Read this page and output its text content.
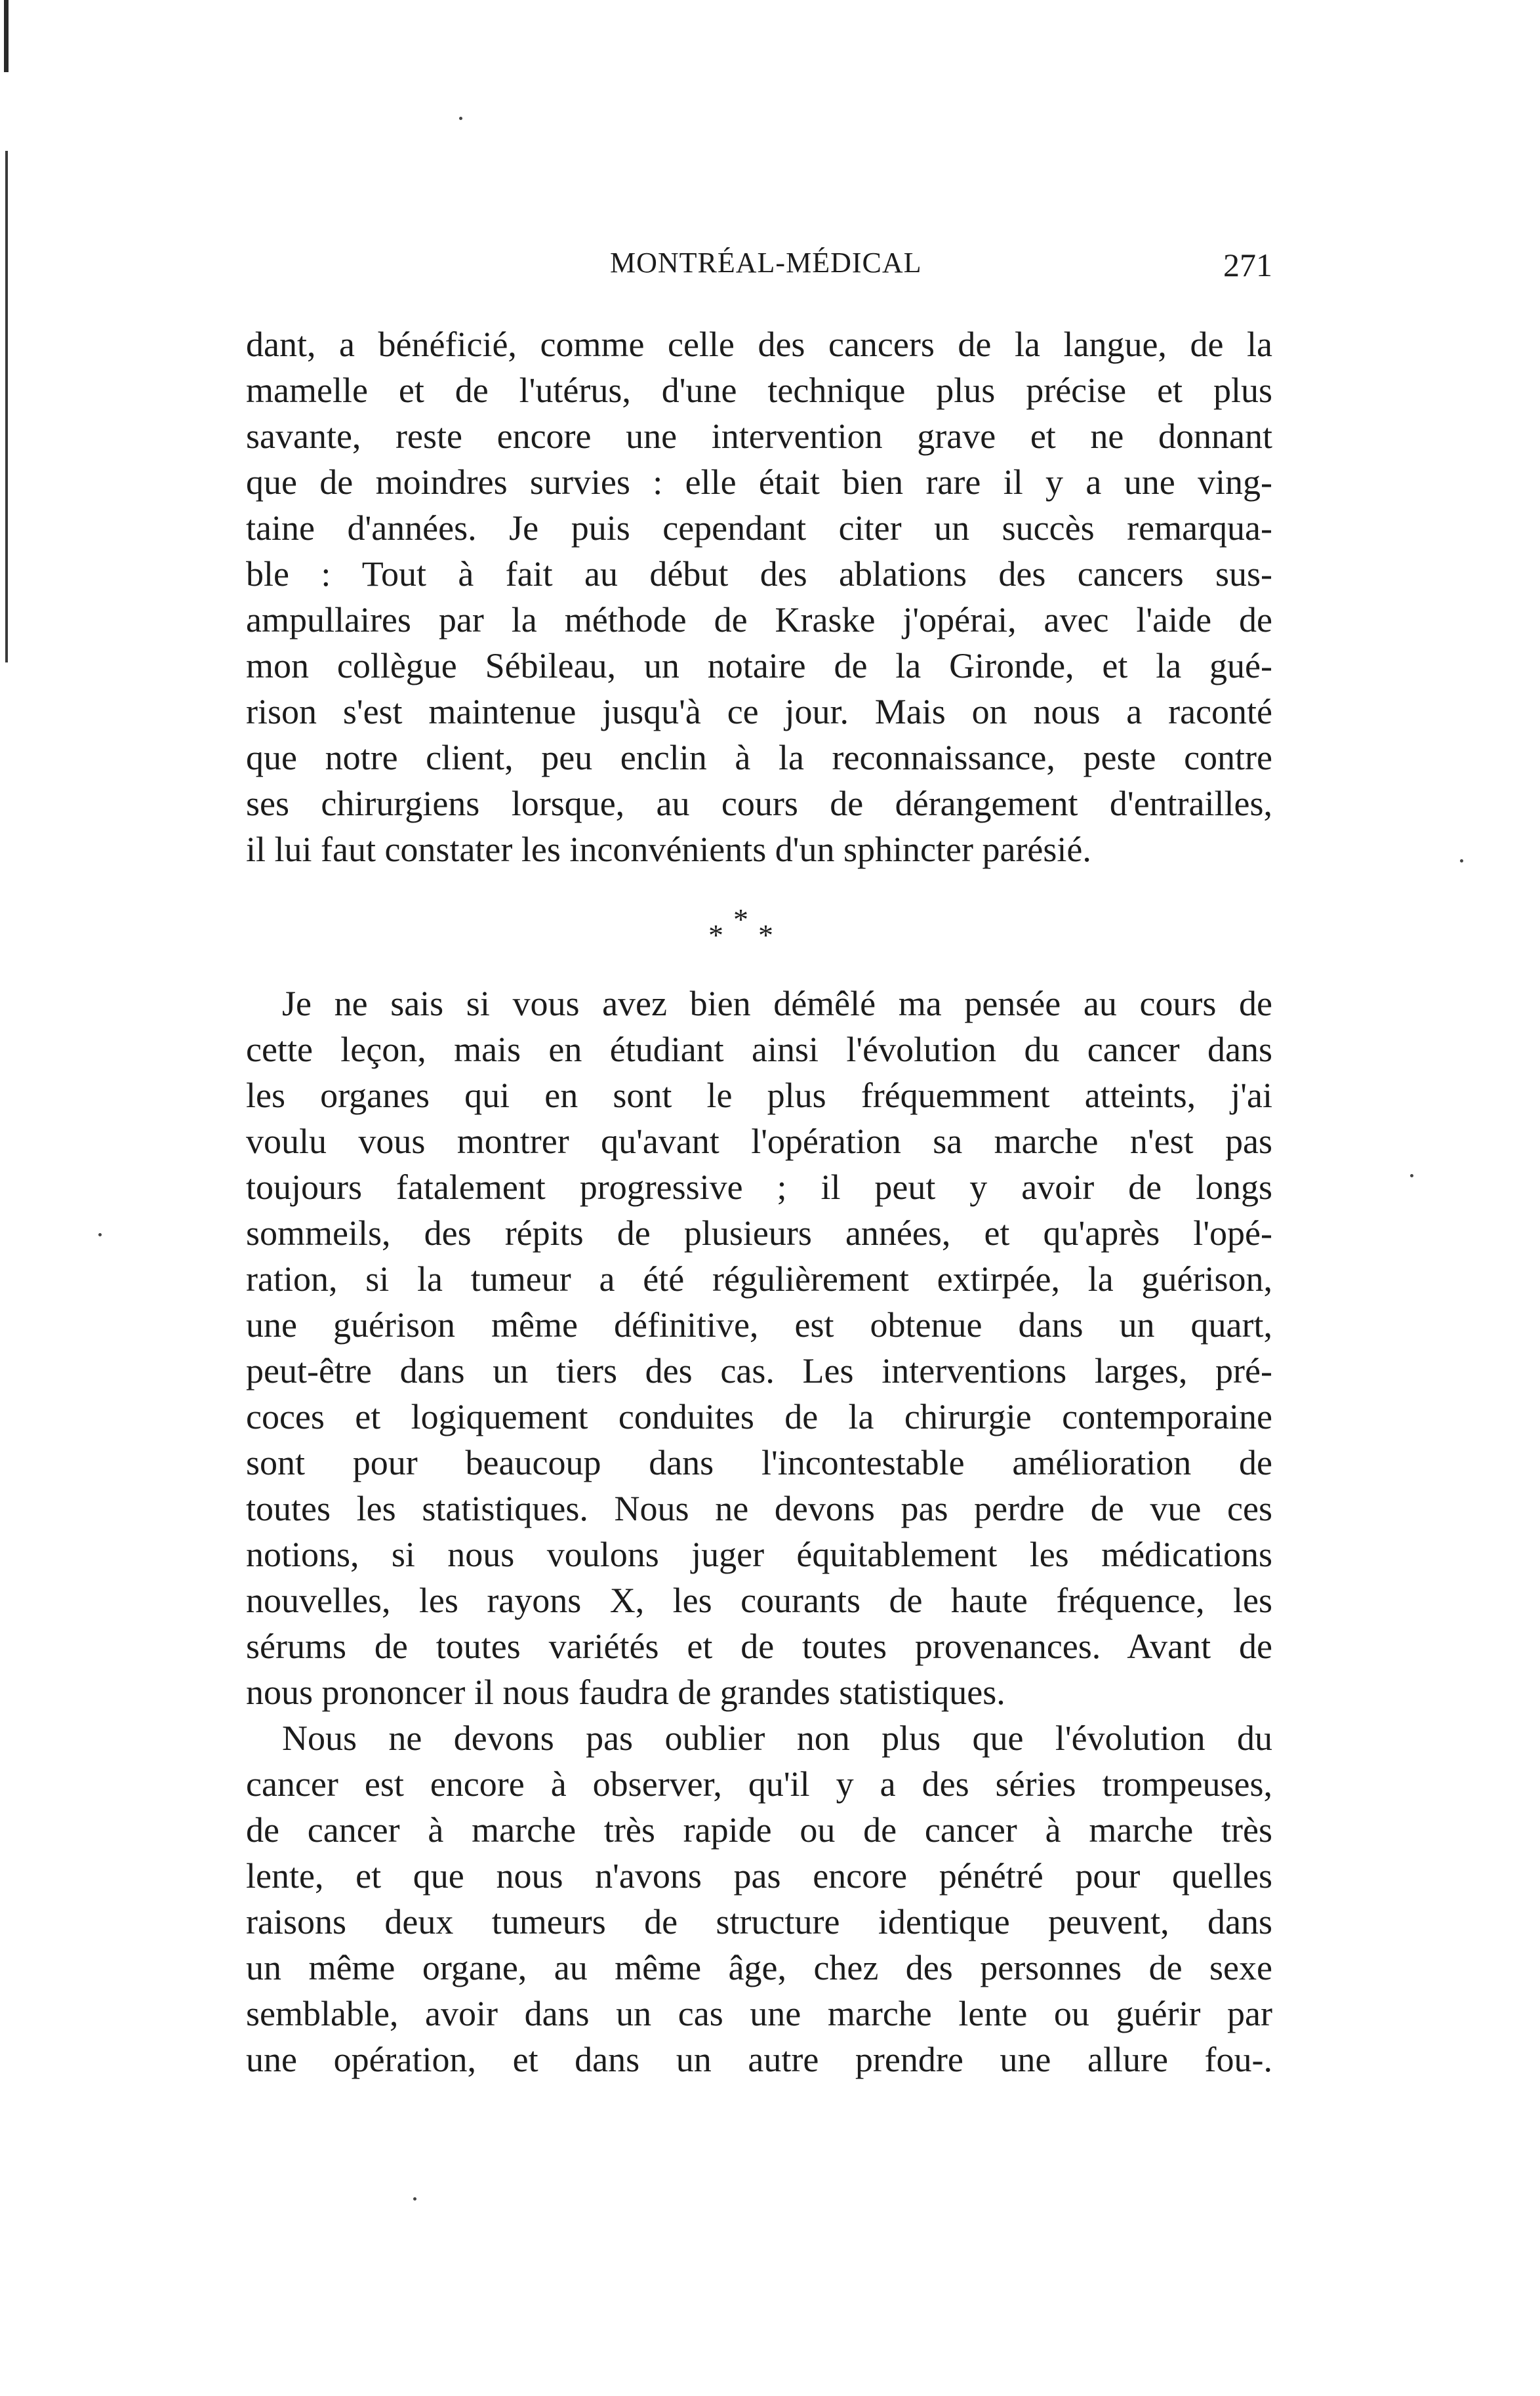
MONTRÉAL-MÉDICAL	271
dant, a bénéficié, comme celle des cancers de la langue, de la
mamelle et de l'utérus, d'une technique plus précise et plus
savante, reste encore une intervention grave et ne donnant
que de moindres survies : elle était bien rare il y a une ving-
taine d'années. Je puis cependant citer un succès remarqua-
ble : Tout à fait au début des ablations des cancers sus-
ampullaires par la méthode de Kraske j'opérai, avec l'aide de
mon collègue Sébileau, un notaire de la Gironde, et la gué-
rison s'est maintenue jusqu'à ce jour. Mais on nous a raconté
que notre client, peu enclin à la reconnaissance, peste contre
ses chirurgiens lorsque, au cours de dérangement d'entrailles,
il lui faut constater les inconvénients d'un sphincter parésié.
* * *
Je ne sais si vous avez bien démêlé ma pensée au cours de
cette leçon, mais en étudiant ainsi l'évolution du cancer dans
les organes qui en sont le plus fréquemment atteints, j'ai
voulu vous montrer qu'avant l'opération sa marche n'est pas
toujours fatalement progressive ; il peut y avoir de longs
sommeils, des répits de plusieurs années, et qu'après l'opé-
ration, si la tumeur a été régulièrement extirpée, la guérison,
une guérison même définitive, est obtenue dans un quart,
peut-être dans un tiers des cas. Les interventions larges, pré-
coces et logiquement conduites de la chirurgie contemporaine
sont pour beaucoup dans l'incontestable amélioration de
toutes les statistiques. Nous ne devons pas perdre de vue ces
notions, si nous voulons juger équitablement les médications
nouvelles, les rayons X, les courants de haute fréquence, les
sérums de toutes variétés et de toutes provenances. Avant de
nous prononcer il nous faudra de grandes statistiques.
Nous ne devons pas oublier non plus que l'évolution du
cancer est encore à observer, qu'il y a des séries trompeuses,
de cancer à marche très rapide ou de cancer à marche très
lente, et que nous n'avons pas encore pénétré pour quelles
raisons deux tumeurs de structure identique peuvent, dans
un même organe, au même âge, chez des personnes de sexe
semblable, avoir dans un cas une marche lente ou guérir par
une opération, et dans un autre prendre une allure fou-.
